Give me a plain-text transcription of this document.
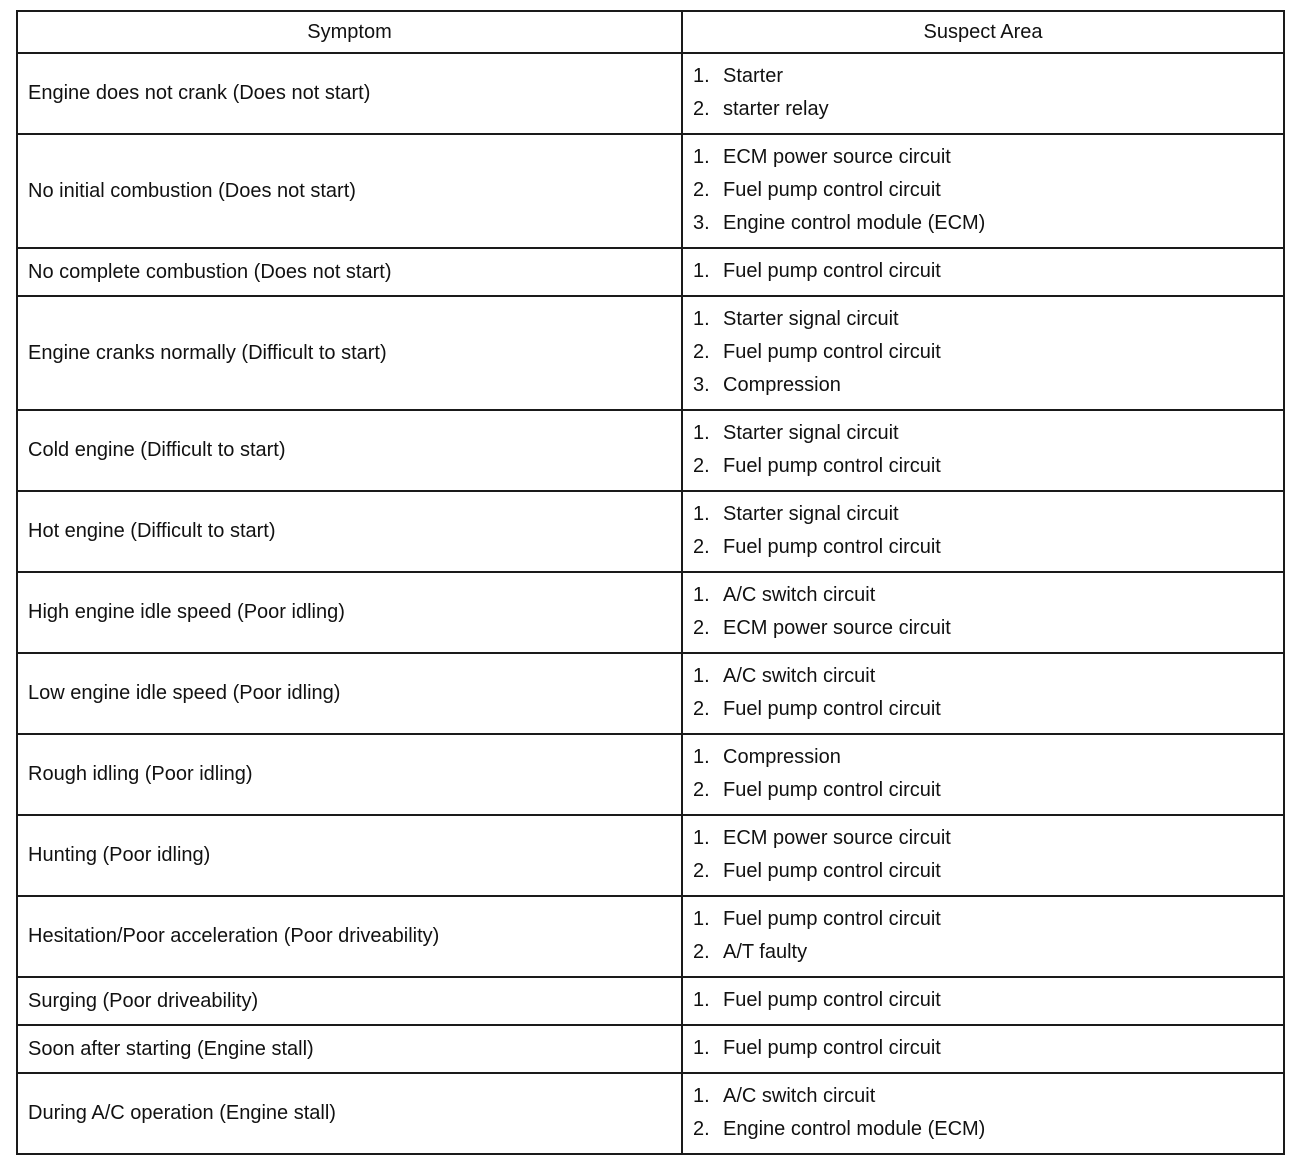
Symptom	Suspect Area
Engine does not crank (Does not start)	1. Starter
2. starter relay

No initial combustion (Does not start)	1. ECM power source circuit
2. Fuel pump control circuit
3. Engine control module (ECM)

No complete combustion (Does not start)	1. Fuel pump control circuit

Engine cranks normally (Difficult to start)	1. Starter signal circuit
2. Fuel pump control circuit
3. Compression

Cold engine (Difficult to start)	1. Starter signal circuit
2. Fuel pump control circuit

Hot engine (Difficult to start)	1. Starter signal circuit
2. Fuel pump control circuit

High engine idle speed (Poor idling)	1. A/C switch circuit
2. ECM power source circuit

Low engine idle speed (Poor idling)	1. A/C switch circuit
2. Fuel pump control circuit

Rough idling (Poor idling)	1. Compression
2. Fuel pump control circuit

Hunting (Poor idling)	1. ECM power source circuit
2. Fuel pump control circuit

Hesitation/Poor acceleration (Poor driveability)	1. Fuel pump control circuit
2. A/T faulty

Surging (Poor driveability)	1. Fuel pump control circuit

Soon after starting (Engine stall)	1. Fuel pump control circuit

During A/C operation (Engine stall)	1. A/C switch circuit
2. Engine control module (ECM)
